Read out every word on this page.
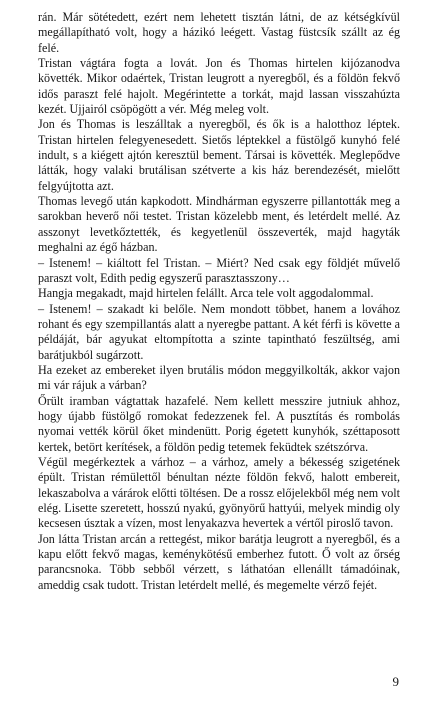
rán. Már sötétedett, ezért nem lehetett tisztán látni, de az kétségkívül megállapítható volt, hogy a házikó leégett. Vastag füstcsík szállt az ég felé.

Tristan vágtára fogta a lovát. Jon és Thomas hirtelen kijózanodva követték. Mikor odaértek, Tristan leugrott a nyeregből, és a földön fekvő idős paraszt felé hajolt. Megérintette a torkát, majd lassan visszahúzta kezét. Ujjairól csöpögött a vér. Még meleg volt.

Jon és Thomas is leszálltak a nyeregből, és ők is a halotthoz léptek. Tristan hirtelen felegyenesedett. Sietős léptekkel a füstölgő kunyhó felé indult, s a kiégett ajtón keresztül bement. Társai is követték. Meglepődve látták, hogy valaki brutálisan szétverte a kis ház berendezését, mielőtt felgyújtotta azt.

Thomas levegő után kapkodott. Mindhárman egyszerre pillantották meg a sarokban heverő női testet. Tristan közelebb ment, és letérdelt mellé. Az asszonyt levetkőztették, és kegyetlenül összeverték, majd hagyták meghalni az égő házban.

– Istenem! – kiáltott fel Tristan. – Miért? Ned csak egy földjét művelő paraszt volt, Edith pedig egyszerű parasztasszony…

Hangja megakadt, majd hirtelen felállt. Arca tele volt aggodalommal.

– Istenem! – szakadt ki belőle. Nem mondott többet, hanem a lovához rohant és egy szempillantás alatt a nyeregbe pattant. A két férfi is követte a példáját, bár agyukat eltompította a szinte tapintható feszültség, ami barátjukból sugárzott.

Ha ezeket az embereket ilyen brutális módon meggyilkolták, akkor vajon mi vár rájuk a várban?

Őrült iramban vágtattak hazafelé. Nem kellett messzire jutniuk ahhoz, hogy újabb füstölgő romokat fedezzenek fel. A pusztítás és rombolás nyomai vették körül őket mindenütt. Porig égetett kunyhók, széttaposott kertek, betört kerítések, a földön pedig tetemek feküdtek szétszórva.

Végül megérkeztek a várhoz – a várhoz, amely a békesség szigetének épült. Tristan rémülettől bénultan nézte földön fekvő, halott embereit, lekaszabolva a várárok előtti töltésen. De a rossz előjelekből még nem volt elég. Lisette szeretett, hosszú nyakú, gyönyörű hattyúi, melyek mindig oly kecsesen úsztak a vízen, most lenyakazva hevertek a vértől piroslő tavon.

Jon látta Tristan arcán a rettegést, mikor barátja leugrott a nyeregből, és a kapu előtt fekvő magas, keménykötésű emberhez futott. Ő volt az őrség parancsnoka. Több sebből vérzett, s láthatóan ellenállt támadóinak, ameddig csak tudott. Tristan letérdelt mellé, és megemelte vérző fejét.

9
